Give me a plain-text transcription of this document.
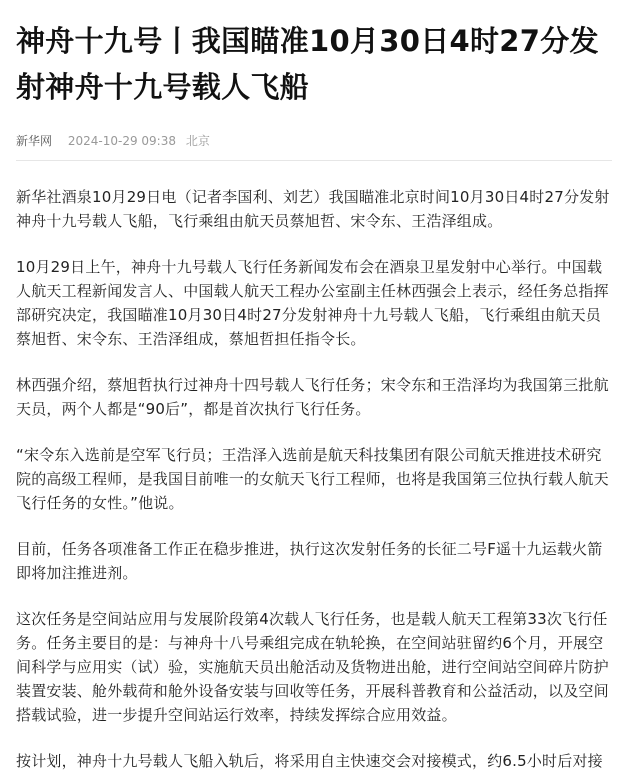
神舟十九号丨我国瞄准10月30日4时27分发射神舟十九号载人飞船
新华网 2024-10-29 09:38 北京

新华社酒泉10月29日电（记者李国利、刘艺）我国瞄准北京时间10月30日4时27分发射神舟十九号载人飞船，飞行乘组由航天员蔡旭哲、宋令东、王浩泽组成。

10月29日上午，神舟十九号载人飞行任务新闻发布会在酒泉卫星发射中心举行。中国载人航天工程新闻发言人、中国载人航天工程办公室副主任林西强会上表示，经任务总指挥部研究决定，我国瞄准10月30日4时27分发射神舟十九号载人飞船，飞行乘组由航天员蔡旭哲、宋令东、王浩泽组成，蔡旭哲担任指令长。

林西强介绍，蔡旭哲执行过神舟十四号载人飞行任务；宋令东和王浩泽均为我国第三批航天员，两个人都是“90后”，都是首次执行飞行任务。

“宋令东入选前是空军飞行员；王浩泽入选前是航天科技集团有限公司航天推进技术研究院的高级工程师，是我国目前唯一的女航天飞行工程师，也将是我国第三位执行载人航天飞行任务的女性。”他说。

目前，任务各项准备工作正在稳步推进，执行这次发射任务的长征二号F遥十九运载火箭即将加注推进剂。

这次任务是空间站应用与发展阶段第4次载人飞行任务，也是载人航天工程第33次飞行任务。任务主要目的是：与神舟十八号乘组完成在轨轮换，在空间站驻留约6个月，开展空间科学与应用实（试）验，实施航天员出舱活动及货物进出舱，进行空间站空间碎片防护装置安装、舱外载荷和舱外设备安装与回收等任务，开展科普教育和公益活动，以及空间搭载试验，进一步提升空间站运行效率，持续发挥综合应用效益。

按计划，神舟十九号载人飞船入轨后，将采用自主快速交会对接模式，约6.5小时后对接
